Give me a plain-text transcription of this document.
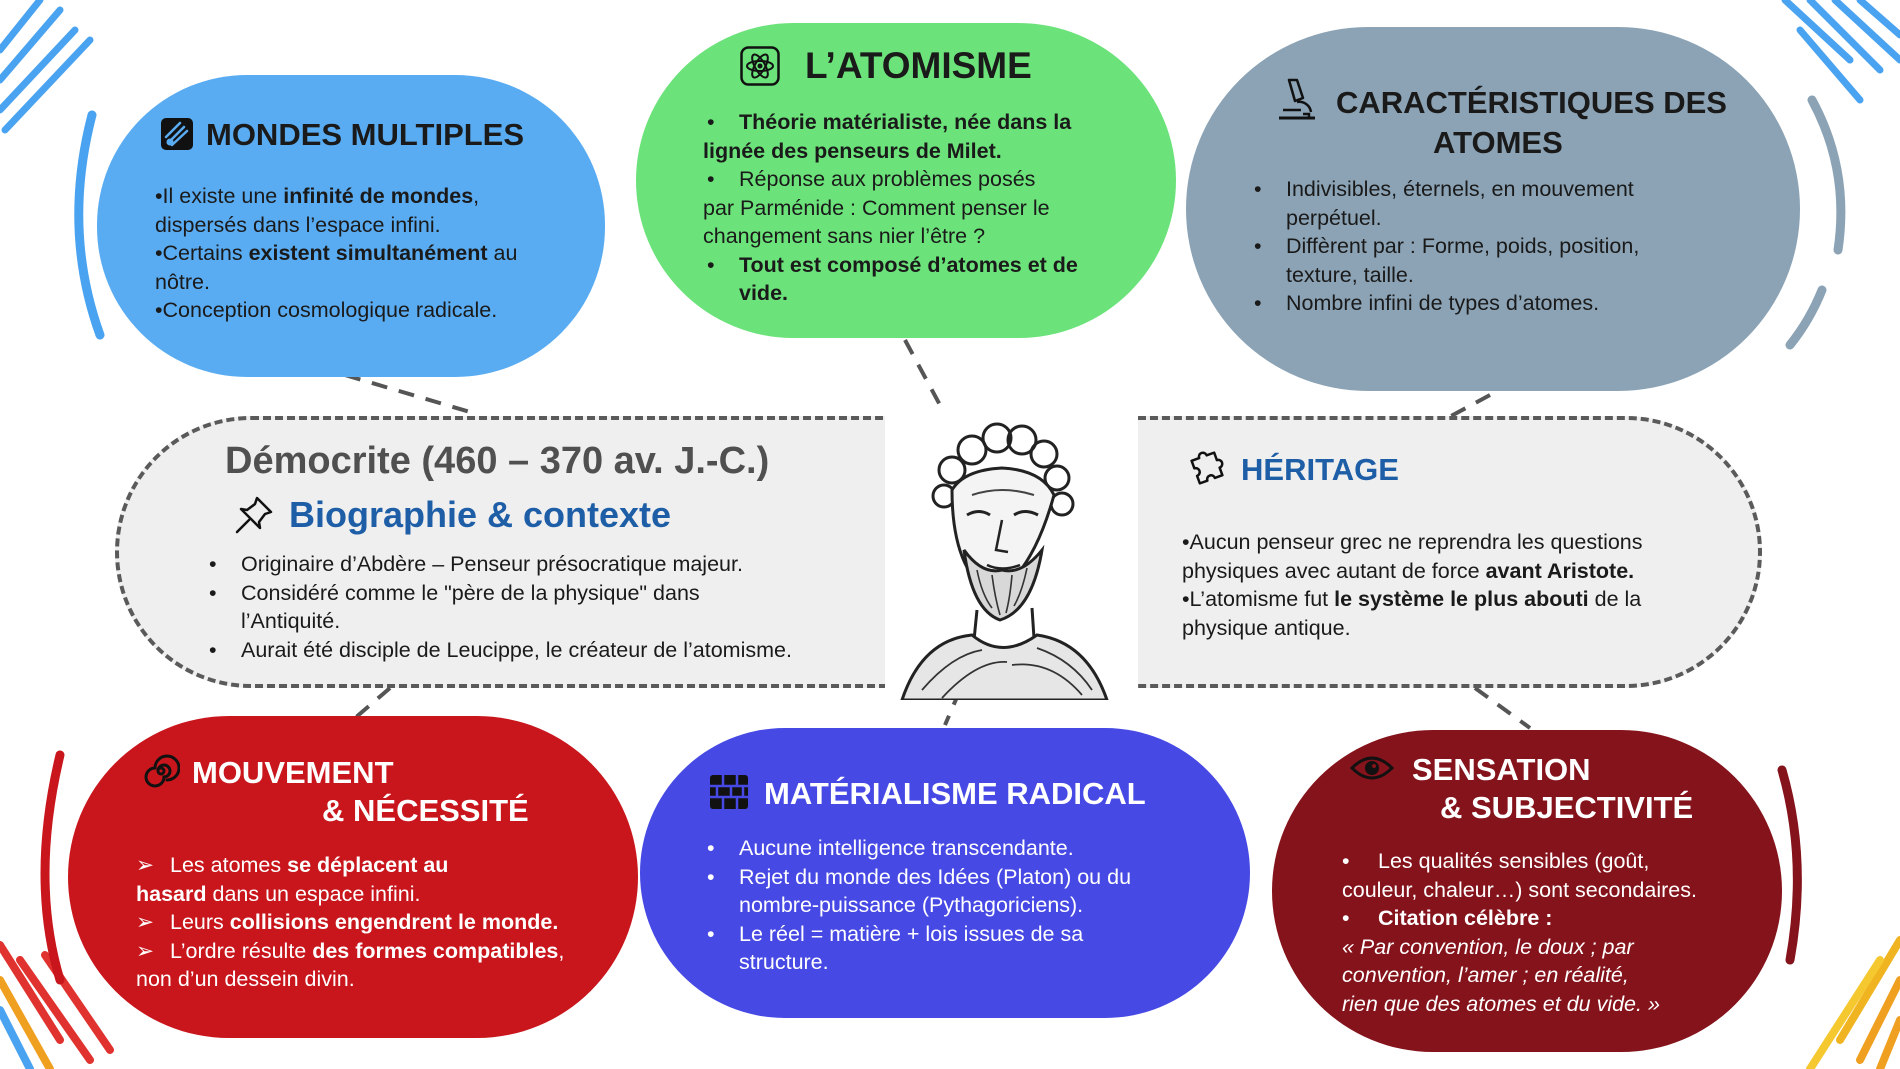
MONDES MULTIPLES

•Il existe une infinité de mondes,

dispersés dans l’espace infini.

•Certains existent simultanément au

nôtre.

•Conception cosmologique radicale.

L’ATOMISME

• Théorie matérialiste, née dans la

lignée des penseurs de Milet.

• Réponse aux problèmes posés

par Parménide : Comment penser le

changement sans nier l’être ?

• Tout est composé d’atomes et de

vide.

CARACTÉRISTIQUES DES
ATOMES

• Indivisibles, éternels, en mouvement

perpétuel.

• Diffèrent par : Forme, poids, position,

texture, taille.

• Nombre infini de types d’atomes.

Démocrite (460 – 370 av. J.-C.)
Biographie & contexte

• Originaire d’Abdère – Penseur présocratique majeur.

• Considéré comme le "père de la physique" dans

l’Antiquité.

• Aurait été disciple de Leucippe, le créateur de l’atomisme.

HÉRITAGE

•Aucun penseur grec ne reprendra les questions

physiques avec autant de force avant Aristote.

•L’atomisme fut le système le plus abouti de la

physique antique.

MOUVEMENT
& NÉCESSITÉ

➢ Les atomes se déplacent au

hasard dans un espace infini.

➢ Leurs collisions engendrent le monde.

➢ L’ordre résulte des formes compatibles,

non d’un dessein divin.

MATÉRIALISME RADICAL

• Aucune intelligence transcendante.

• Rejet du monde des Idées (Platon) ou du

nombre-puissance (Pythagoriciens).

• Le réel = matière + lois issues de sa

structure.

SENSATION
& SUBJECTIVITÉ

• Les qualités sensibles (goût,

couleur, chaleur…) sont secondaires.

• Citation célèbre :

« Par convention, le doux ; par

convention, l’amer ; en réalité,

rien que des atomes et du vide. »
